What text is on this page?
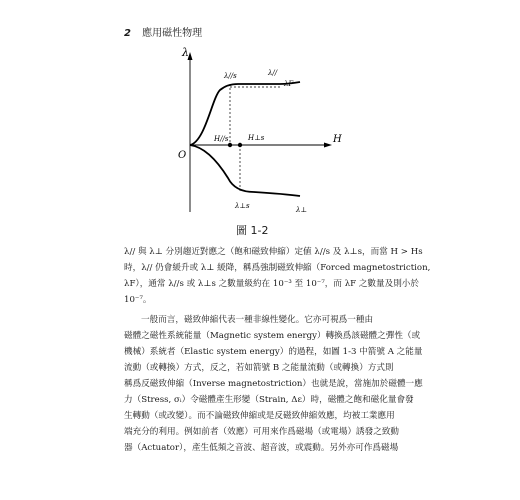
2 應用磁性物理
λ
H
O
λ//s	λ//
λF
H//s	H⊥s
λ⊥s	λ⊥
圖 1-2
λ// 與 λ⊥ 分別趨近對應之（飽和磁致伸縮）定値 λ//s 及 λ⊥s，而當 H > Hs
時，λ// 仍會緩升或 λ⊥ 緩降，稱爲強制磁致伸縮（Forced magnetostriction,
λF），通常 λ//s 或 λ⊥s 之數量級約在 10⁻³ 至 10⁻⁷，而 λF 之數量及則小於
10⁻⁷。
一般而言，磁致伸縮代表一種非線性變化。它亦可視爲一種由
磁體之磁性系統能量（Magnetic system energy）轉換爲該磁體之彈性（或
機械）系統者（Elastic system energy）的過程，如圖 1-3 中箭號 A 之能量
流動（或轉換）方式，反之，若如箭號 B 之能量流動（或轉換）方式則
稱爲反磁致伸縮（Inverse magnetostriction）也就是說，當施加於磁體一應
力（Stress, σᵢ）令磁體產生形變（Strain, Δε）時，磁體之飽和磁化量會發
生轉動（或改變）。而不論磁致伸縮或是反磁致伸縮效應，均被工業應用
端充分的利用。例如前者（效應）可用來作爲磁場（或電場）誘發之致動
器（Actuator），產生低頻之音波、超音波，或震動。另外亦可作爲磁場
